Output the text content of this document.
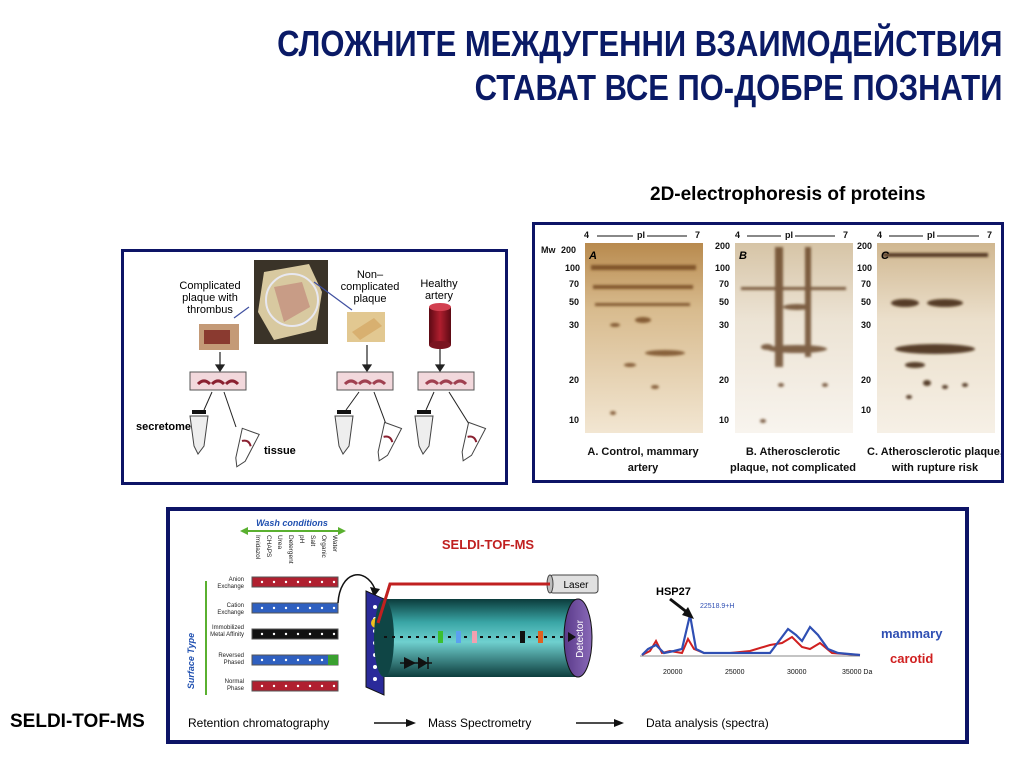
СЛОЖНИТЕ МЕЖДУГЕННИ ВЗАИМОДЕЙСТВИЯ
СТАВАТ ВСЕ ПО-ДОБРЕ ПОЗНАТИ
2D-electrophoresis of proteins
Complicated
plaque with
thrombus
Non–
complicated
plaque
Healthy
artery
secretome
tissue
4	pI	7	4	pI	7	4	pI	7
Mw 200
100
70
50
30
20
10
200
100
70
50
30
20
10
200
100
70
50
30
20
10
A	B	C
A. Control, mammary
artery
B. Atherosclerotic
plaque, not complicated
C. Atherosclerotic plaque,
with rupture risk
SELDI-TOF-MS
Wash conditions
Imidazol CHAPS Urea Detergent pH Salt Organic Water
Surface Type
Anion Exchange
Cation Exchange
Immobilized Metal Affinity
Reversed Phased
Normal Phase
Detector
Laser
SELDI-TOF-MS
20000	25000	30000	35000 Da
HSP27
22518.9+H
mammary
carotid
Retention chromatography	Mass Spectrometry	Data analysis (spectra)
